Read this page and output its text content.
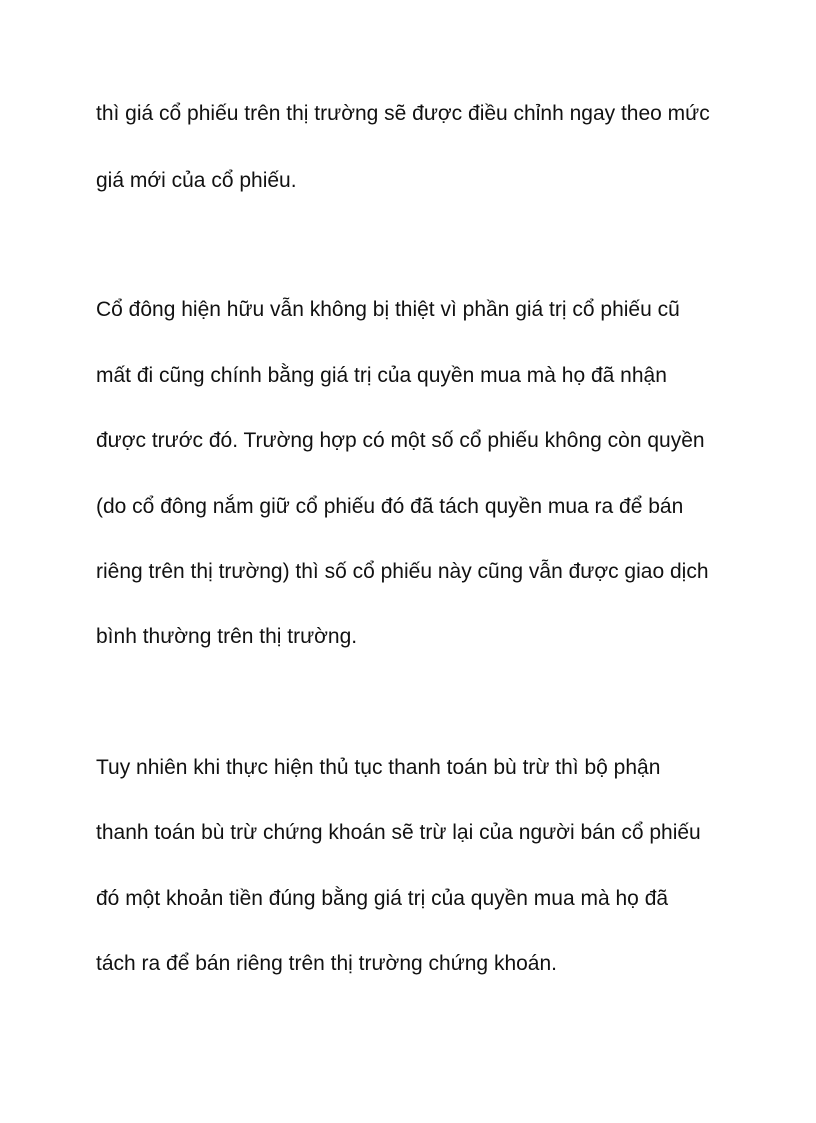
thì giá cổ phiếu trên thị trường sẽ được điều chỉnh ngay theo mức
giá mới của cổ phiếu.
Cổ đông hiện hữu vẫn không bị thiệt vì phần giá trị cổ phiếu cũ
mất đi cũng chính bằng giá trị của quyền mua mà họ đã nhận
được trước đó. Trường hợp có một số cổ phiếu không còn quyền
(do cổ đông nắm giữ cổ phiếu đó đã tách quyền mua ra để bán
riêng trên thị trường) thì số cổ phiếu này cũng vẫn được giao dịch
bình thường trên thị trường.
Tuy nhiên khi thực hiện thủ tục thanh toán bù trừ thì bộ phận
thanh toán bù trừ chứng khoán sẽ trừ lại của người bán cổ phiếu
đó một khoản tiền đúng bằng giá trị của quyền mua mà họ đã
tách ra để bán riêng trên thị trường chứng khoán.
